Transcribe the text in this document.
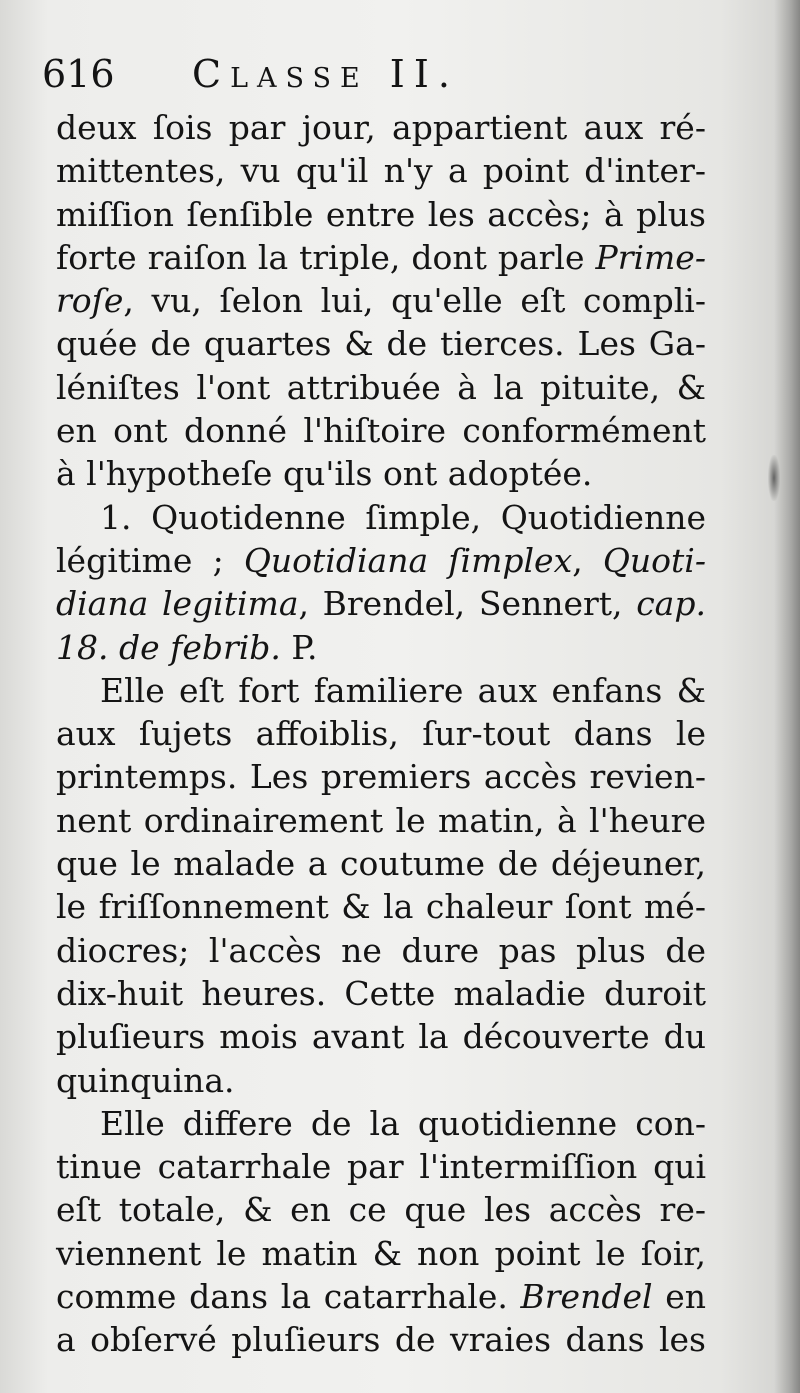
616 Classe II.
deux ſois par jour, appartient aux ré-
mittentes, vu qu'il n'y a point d'inter-
miſſion ſenſible entre les accès; à plus
forte raiſon la triple, dont parle Prime-
roſe, vu, ſelon lui, qu'elle eſt compli-
quée de quartes & de tierces. Les Ga-
léniſtes l'ont attribuée à la pituite, &
en ont donné l'hiſtoire conformément
à l'hypotheſe qu'ils ont adoptée.
1. Quotidenne ſimple, Quotidienne
légitime ; Quotidiana ſimplex, Quoti-
diana legitima, Brendel, Sennert, cap.
18. de febrib. P.
Elle eſt fort familiere aux enfans &
aux ſujets affoiblis, ſur-tout dans le
printemps. Les premiers accès revien-
nent ordinairement le matin, à l'heure
que le malade a coutume de déjeuner,
le friſſonnement & la chaleur ſont mé-
diocres; l'accès ne dure pas plus de
dix-huit heures. Cette maladie duroit
pluſieurs mois avant la découverte du
quinquina.
Elle differe de la quotidienne con-
tinue catarrhale par l'intermiſſion qui
eſt totale, & en ce que les accès re-
viennent le matin & non point le ſoir,
comme dans la catarrhale. Brendel en
a obſervé pluſieurs de vraies dans les
